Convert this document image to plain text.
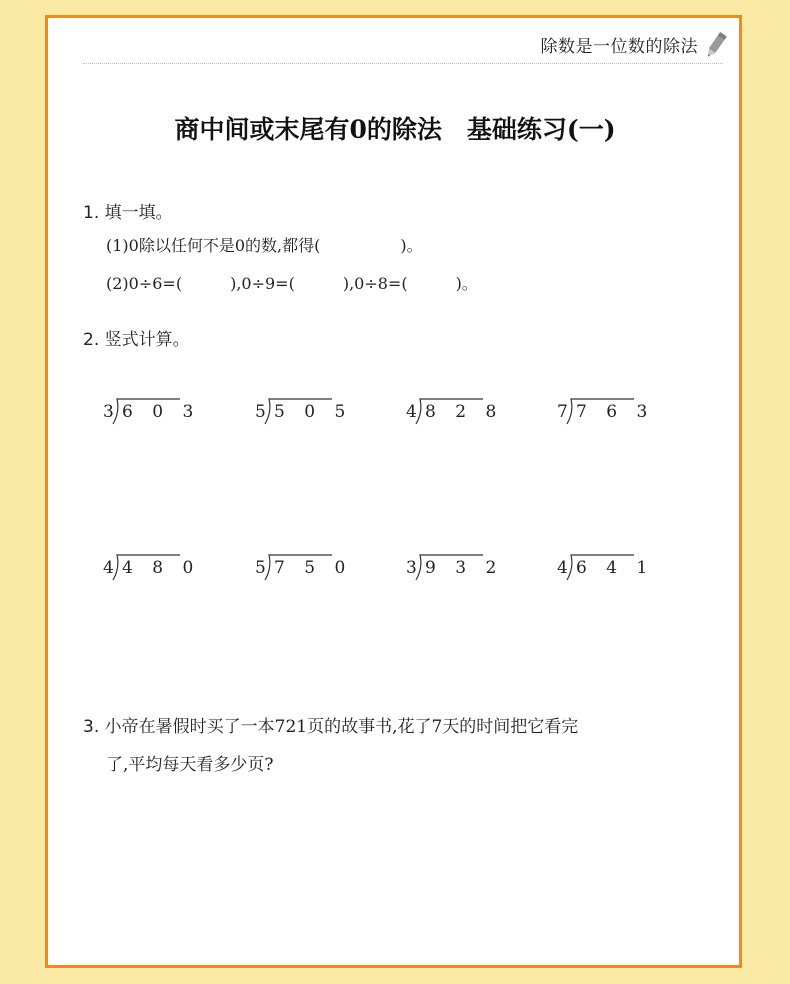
除数是一位数的除法
商中间或末尾有0的除法　基础练习(一)
1. 填一填。
(1)0除以任何不是0的数,都得(　　　　　)。
(2)0÷6=(　　　),0÷9=(　　　),0÷8=(　　　)。
2. 竖式计算。
3 6 0 3	5 5 0 5	4 8 2 8	7 7 6 3
4 4 8 0	5 7 5 0	3 9 3 2	4 6 4 1
3. 小帝在暑假时买了一本721页的故事书,花了7天的时间把它看完
了,平均每天看多少页?
